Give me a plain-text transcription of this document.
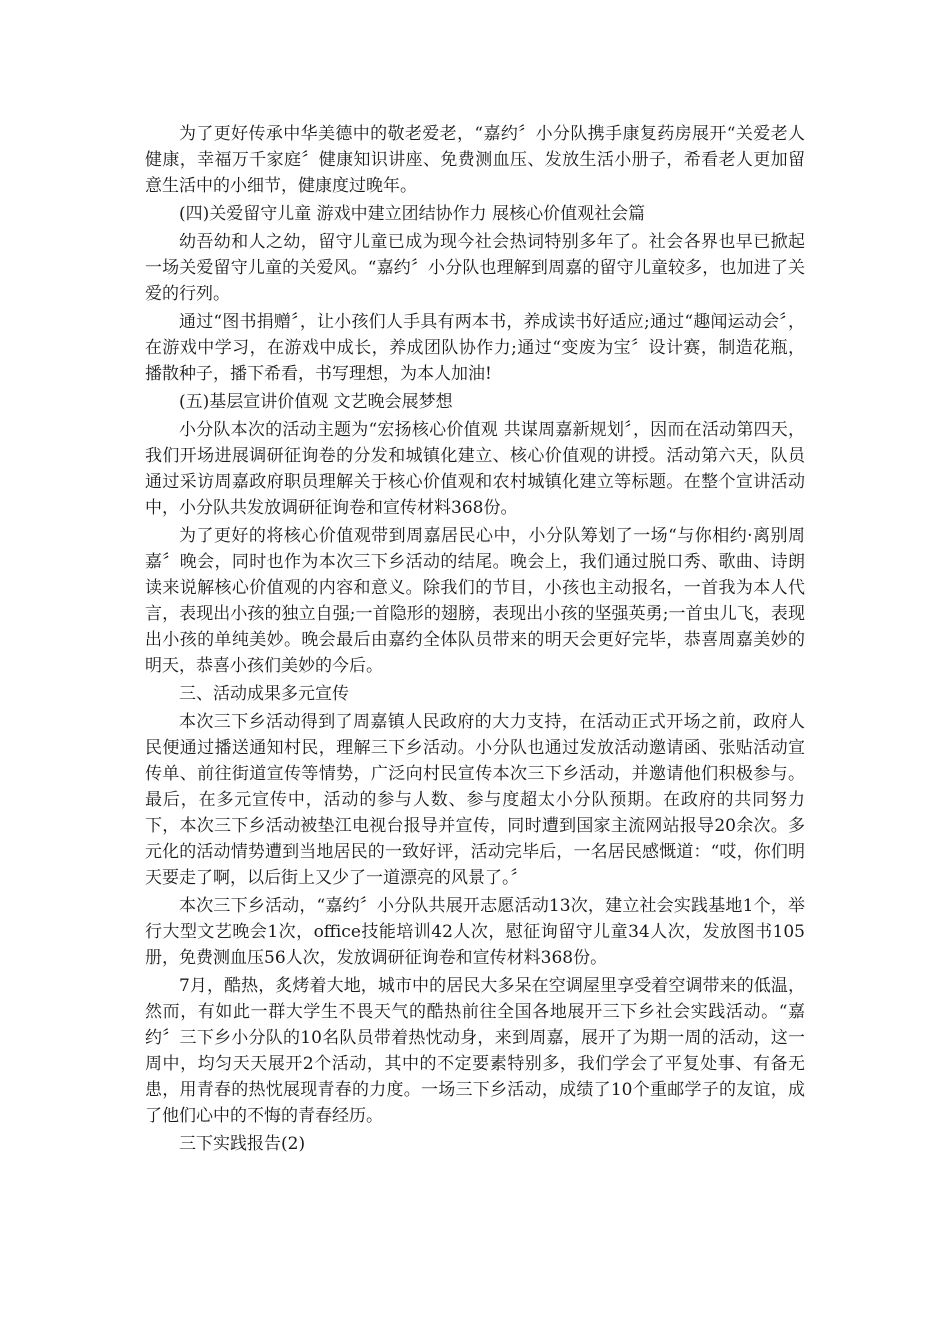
为了更好传承中华美德中的敬老爱老，“嘉约〞小分队携手康复药房展开“关爱老人健康，幸福万千家庭〞健康知识讲座、免费测血压、发放生活小册子，希看老人更加留意生活中的小细节，健康度过晚年。

(四)关爱留守儿童 游戏中建立团结协作力 展核心价值观社会篇

幼吾幼和人之幼，留守儿童已成为现今社会热词特别多年了。社会各界也早已掀起一场关爱留守儿童的关爱风。“嘉约〞小分队也理解到周嘉的留守儿童较多，也加进了关爱的行列。

通过“图书捐赠〞，让小孩们人手具有两本书，养成读书好适应;通过“趣闻运动会〞，在游戏中学习，在游戏中成长，养成团队协作力;通过“变废为宝〞设计赛，制造花瓶，播散种子，播下希看，书写理想，为本人加油!

(五)基层宣讲价值观 文艺晚会展梦想

小分队本次的活动主题为“宏扬核心价值观 共谋周嘉新规划〞，因而在活动第四天，我们开场进展调研征询卷的分发和城镇化建立、核心价值观的讲授。活动第六天，队员通过采访周嘉政府职员理解关于核心价值观和农村城镇化建立等标题。在整个宣讲活动中，小分队共发放调研征询卷和宣传材料368份。

为了更好的将核心价值观带到周嘉居民心中，小分队筹划了一场“与你相约·离别周嘉〞晚会，同时也作为本次三下乡活动的结尾。晚会上，我们通过脱口秀、歌曲、诗朗读来说解核心价值观的内容和意义。除我们的节目，小孩也主动报名，一首我为本人代言，表现出小孩的独立自强;一首隐形的翅膀，表现出小孩的坚强英勇;一首虫儿飞，表现出小孩的单纯美妙。晚会最后由嘉约全体队员带来的明天会更好完毕，恭喜周嘉美妙的明天，恭喜小孩们美妙的今后。

三、活动成果多元宣传

本次三下乡活动得到了周嘉镇人民政府的大力支持，在活动正式开场之前，政府人民便通过播送通知村民，理解三下乡活动。小分队也通过发放活动邀请函、张贴活动宣传单、前往街道宣传等情势，广泛向村民宣传本次三下乡活动，并邀请他们积极参与。最后，在多元宣传中，活动的参与人数、参与度超太小分队预期。在政府的共同努力下，本次三下乡活动被垫江电视台报导并宣传，同时遭到国家主流网站报导20余次。多元化的活动情势遭到当地居民的一致好评，活动完毕后，一名居民感慨道：“哎，你们明天要走了啊，以后街上又少了一道漂亮的风景了。〞

本次三下乡活动，“嘉约〞小分队共展开志愿活动13次，建立社会实践基地1个，举行大型文艺晚会1次，office技能培训42人次，慰征询留守儿童34人次，发放图书105册，免费测血压56人次，发放调研征询卷和宣传材料368份。

7月，酷热，炙烤着大地，城市中的居民大多呆在空调屋里享受着空调带来的低温，然而，有如此一群大学生不畏天气的酷热前往全国各地展开三下乡社会实践活动。“嘉约〞三下乡小分队的10名队员带着热忱动身，来到周嘉，展开了为期一周的活动，这一周中，均匀天天展开2个活动，其中的不定要素特别多，我们学会了平复处事、有备无患，用青春的热忱展现青春的力度。一场三下乡活动，成绩了10个重邮学子的友谊，成了他们心中的不悔的青春经历。

三下实践报告(2)
